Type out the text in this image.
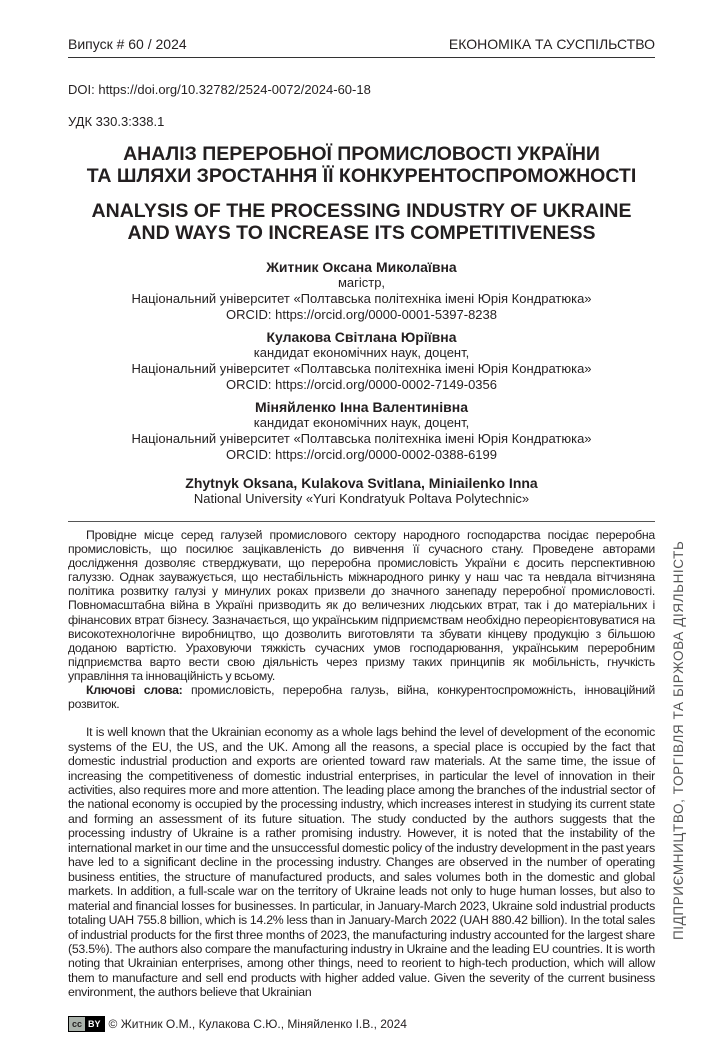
Випуск # 60 / 2024	ЕКОНОМІКА ТА СУСПІЛЬСТВО
DOI: https://doi.org/10.32782/2524-0072/2024-60-18
УДК 330.3:338.1
АНАЛІЗ ПЕРЕРОБНОЇ ПРОМИСЛОВОСТІ УКРАЇНИ
ТА ШЛЯХИ ЗРОСТАННЯ ЇЇ КОНКУРЕНТОСПРОМОЖНОСТІ
ANALYSIS OF THE PROCESSING INDUSTRY OF UKRAINE
AND WAYS TO INCREASE ITS COMPETITIVENESS
Житник Оксана Миколаївна
магістр,
Національний університет «Полтавська політехніка імені Юрія Кондратюка»
ORCID: https://orcid.org/0000-0001-5397-8238
Кулакова Світлана Юріївна
кандидат економічних наук, доцент,
Національний університет «Полтавська політехніка імені Юрія Кондратюка»
ORCID: https://orcid.org/0000-0002-7149-0356
Міняйленко Інна Валентинівна
кандидат економічних наук, доцент,
Національний університет «Полтавська політехніка імені Юрія Кондратюка»
ORCID: https://orcid.org/0000-0002-0388-6199
Zhytnyk Oksana, Kulakova Svitlana, Miniailenko Inna
National University «Yuri Kondratyuk Poltava Polytechnic»

Провідне місце серед галузей промислового сектору народного господарства посідає переробна промисловість, що посилює зацікавленість до вивчення її сучасного стану. Проведене авторами дослідження дозволяє стверджувати, що переробна промисловість України є досить перспективною галуззю. Однак зауважується, що нестабільність міжнародного ринку у наш час та невдала вітчизняна політика розвитку галузі у минулих роках призвели до значного занепаду переробної промисловості. Повномасштабна війна в Україні призводить як до величезних людських втрат, так і до матеріальних і фінансових втрат бізнесу. Зазначається, що українським підприємствам необхідно переорієнтовуватися на високотехнологічне виробництво, що дозволить виготовляти та збувати кінцеву продукцію з більшою доданою вартістю. Ураховуючи тяжкість сучасних умов господарювання, українським переробним підприємства варто вести свою діяльність через призму таких принципів як мобільність, гнучкість управління та інноваційність у всьому.

Ключові слова: промисловість, переробна галузь, війна, конкурентоспроможність, інноваційний розвиток.

It is well known that the Ukrainian economy as a whole lags behind the level of development of the economic systems of the EU, the US, and the UK. Among all the reasons, a special place is occupied by the fact that domestic industrial production and exports are oriented toward raw materials. At the same time, the issue of increasing the competitiveness of domestic industrial enterprises, in particular the level of innovation in their activities, also requires more and more attention. The leading place among the branches of the industrial sector of the national economy is occupied by the processing industry, which increases interest in studying its current state and forming an assessment of its future situation. The study conducted by the authors suggests that the processing industry of Ukraine is a rather promising industry. However, it is noted that the instability of the international market in our time and the unsuccessful domestic policy of the industry development in the past years have led to a significant decline in the processing industry. Changes are observed in the number of operating business entities, the structure of manufactured products, and sales volumes both in the domestic and global markets. In addition, a full-scale war on the territory of Ukraine leads not only to huge human losses, but also to material and financial losses for businesses. In particular, in January-March 2023, Ukraine sold industrial products totaling UAH 755.8 billion, which is 14.2% less than in January-March 2022 (UAH 880.42 billion). In the total sales of industrial products for the first three months of 2023, the manufacturing industry accounted for the largest share (53.5%). The authors also compare the manufacturing industry in Ukraine and the leading EU countries. It is worth noting that Ukrainian enterprises, among other things, need to reorient to high-tech production, which will allow them to manufacture and sell end products with higher added value. Given the severity of the current business environment, the authors believe that Ukrainian

cc BY © Житник О.М., Кулакова С.Ю., Міняйленко І.В., 2024
ПІДПРИЄМНИЦТВО, ТОРГІВЛЯ ТА БІРЖОВА ДІЯЛЬНІСТЬ
